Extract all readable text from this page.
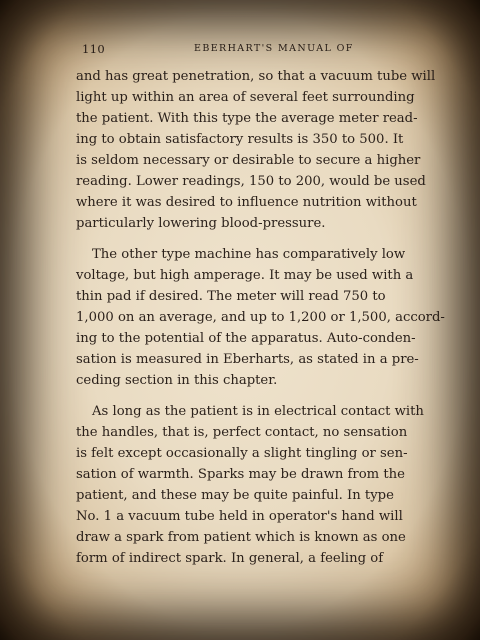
110	EBERHART'S MANUAL OF
and has great penetration, so that a vacuum tube will
light up within an area of several feet surrounding
the patient. With this type the average meter read-
ing to obtain satisfactory results is 350 to 500. It
is seldom necessary or desirable to secure a higher
reading. Lower readings, 150 to 200, would be used
where it was desired to influence nutrition without
particularly lowering blood-pressure.
The other type machine has comparatively low
voltage, but high amperage. It may be used with a
thin pad if desired. The meter will read 750 to
1,000 on an average, and up to 1,200 or 1,500, accord-
ing to the potential of the apparatus. Auto-conden-
sation is measured in Eberharts, as stated in a pre-
ceding section in this chapter.
As long as the patient is in electrical contact with
the handles, that is, perfect contact, no sensation
is felt except occasionally a slight tingling or sen-
sation of warmth. Sparks may be drawn from the
patient, and these may be quite painful. In type
No. 1 a vacuum tube held in operator's hand will
draw a spark from patient which is known as one
form of indirect spark. In general, a feeling of
